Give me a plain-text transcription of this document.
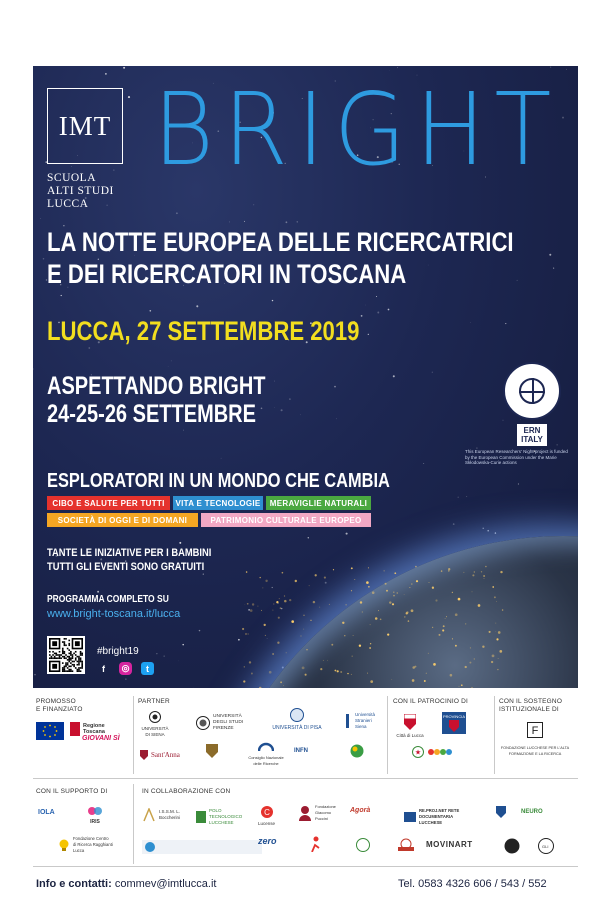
IMT
SCUOLA
ALTI STUDI
LUCCA
BRIGHT
LA NOTTE EUROPEA DELLE RICERCATRICI
E DEI RICERCATORI IN TOSCANA
LUCCA, 27 SETTEMBRE 2019
ASPETTANDO BRIGHT
24-25-26 SETTEMBRE
ERN
ITALY
This European Researchers' Night project is funded by the European Commission under the Marie Skłodowska-Curie actions
ESPLORATORI IN UN MONDO CHE CAMBIA
CIBO E SALUTE PER TUTTI	VITA E TECNOLOGIE	MERAVIGLIE NATURALI
SOCIETÀ DI OGGI E DI DOMANI	PATRIMONIO CULTURALE EUROPEO
TANTE LE INIZIATIVE PER I BAMBINI
TUTTI GLI EVENTI SONO GRATUITI
PROGRAMMA COMPLETO SU
www.bright-toscana.it/lucca
#bright19
f	◎	t
PROMOSSO
E FINANZIATO
PARTNER	CON IL PATROCINIO DI	CON IL SOSTEGNO
ISTITUZIONALE DI
CON IL SUPPORTO DI	IN COLLABORAZIONE CON
Regione Toscana
GIOVANI SÌ
UNIVERSITÀ DI SIENA
UNIVERSITÀ DEGLI STUDI FIRENZE	UNIVERSITÀ DI PISA
Università Stranieri Siena
Sant'Anna	Consiglio Nazionale delle Ricerche
INFN
Città di Lucca
PROVINCIA
★
F
FONDAZIONE LUCCHESE PER L'ALTA FORMAZIONE E LA RICERCA
IOLA
IRIS
Fondazione Centro di Ricerca Ragghianti Lucca
I.S.S.M. L. Boccherini
POLO TECNOLOGICO LUCCHESE
C
Lucense
Fondazione Giacomo Puccini
Agorà	RE.PROJ.NET RETE DOCUMENTARIA LUCCHESE
NEURO
zero	MOVINART	GLI
Info e contatti: commev@imtlucca.it	Tel. 0583 4326 606 / 543 / 552
